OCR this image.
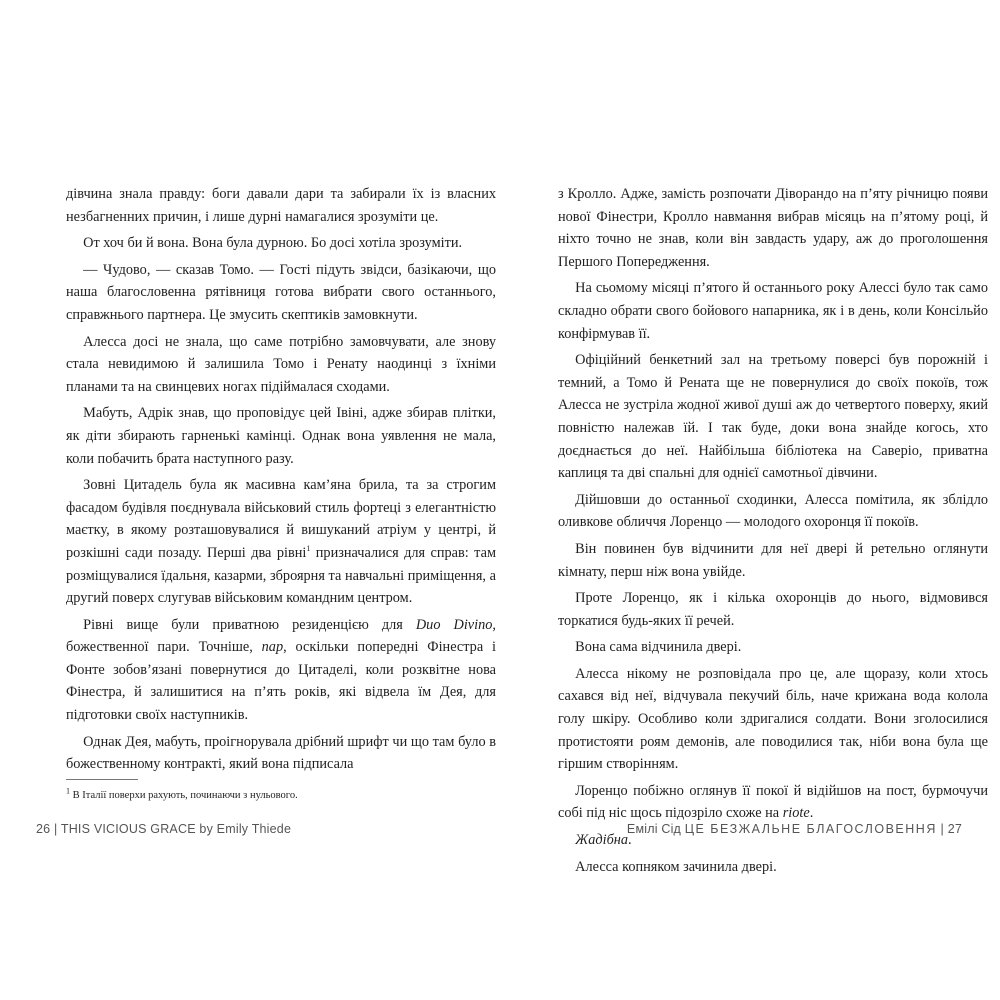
дівчина знала правду: боги давали дари та забирали їх із власних незбагненних причин, і лише дурні намагалися зрозуміти це.

От хоч би й вона. Вона була дурною. Бо досі хотіла зрозуміти.

— Чудово, — сказав Томо. — Гості підуть звідси, базікаючи, що наша благословенна рятівниця готова вибрати свого останнього, справжнього партнера. Це змусить скептиків замовкнути.

Алесса досі не знала, що саме потрібно замовчувати, але знову стала невидимою й залишила Томо і Ренату наодинці з їхніми планами та на свинцевих ногах підіймалася сходами.

Мабуть, Адрік знав, що проповідує цей Івіні, адже збирав плітки, як діти збирають гарненькі камінці. Однак вона уявлення не мала, коли побачить брата наступного разу.

Зовні Цитадель була як масивна кам’яна брила, та за строгим фасадом будівля поєднувала військовий стиль фортеці з елегантністю маєтку, в якому розташовувалися й вишуканий атріум у центрі, й розкішні сади позаду. Перші два рівні$^1$ призначалися для справ: там розміщувалися їдальня, казарми, зброярня та навчальні приміщення, а другий поверх слугував військовим командним центром.

Рівні вище були приватною резиденцією для Duo Divino, божественної пари. Точніше, пар, оскільки попередні Фінестра і Фонте зобов’язані повернутися до Цитаделі, коли розквітне нова Фінестра, й залишитися на п’ять років, які відвела їм Дея, для підготовки своїх наступників.

Однак Дея, мабуть, проігнорувала дрібний шрифт чи що там було в божественному контракті, який вона підписала

$^1$ В Італії поверхи рахують, починаючи з нульового.

з Кролло. Адже, замість розпочати Діворандо на п’яту річницю появи нової Фінестри, Кролло навмання вибрав місяць на п’ятому році, й ніхто точно не знав, коли він завдасть удару, аж до проголошення Першого Попередження.

На сьомому місяці п’ятого й останнього року Алессі було так само складно обрати свого бойового напарника, як і в день, коли Консільйо конфірмував її.

Офіційний бенкетний зал на третьому поверсі був порожній і темний, а Томо й Рената ще не повернулися до своїх покоїв, тож Алесса не зустріла жодної живої душі аж до четвертого поверху, який повністю належав їй. І так буде, доки вона знайде когось, хто доєднається до неї. Найбільша бібліотека на Саверіо, приватна каплиця та дві спальні для однієї самотньої дівчини.

Дійшовши до останньої сходинки, Алесса помітила, як зблідло оливкове обличчя Лоренцо — молодого охоронця її покоїв.

Він повинен був відчинити для неї двері й ретельно оглянути кімнату, перш ніж вона увійде.

Проте Лоренцо, як і кілька охоронців до нього, відмовився торкатися будь-яких її речей.

Вона сама відчинила двері.

Алесса нікому не розповідала про це, але щоразу, коли хтось сахався від неї, відчувала пекучий біль, наче крижана вода колола голу шкіру. Особливо коли здригалися солдати. Вони зголосилися протистояти роям демонів, але поводилися так, ніби вона була ще гіршим створінням.

Лоренцо побіжно оглянув її покої й відійшов на пост, бурмочучи собі під ніс щось підозріло схоже на riote.

Жадібна.

Алесса копняком зачинила двері.

26 | THIS VICIOUS GRACE by Emily Thiede	Емілі Сід ЦЕ БЕЗЖАЛЬНЕ БЛАГОСЛОВЕННЯ | 27
